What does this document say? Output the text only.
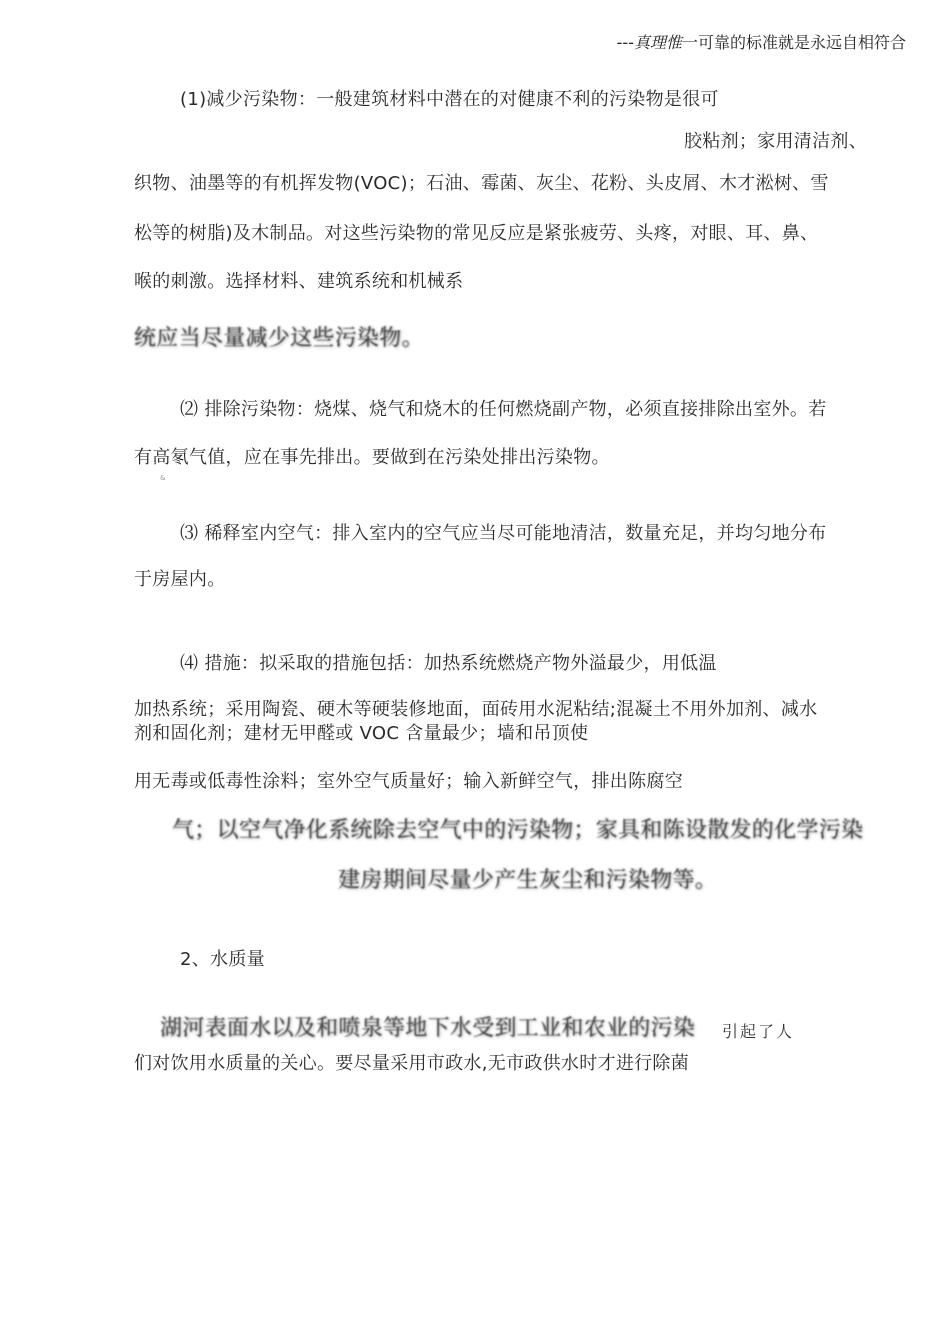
---真理惟一可靠的标准就是永远自相符合
(1)减少污染物：一般建筑材料中潜在的对健康不利的污染物是很可
胶粘剂；家用清洁剂、
织物、油墨等的有机挥发物(VOC)；石油、霉菌、灰尘、花粉、头皮屑、木才淞树、雪
松等的树脂)及木制品。对这些污染物的常见反应是紧张疲劳、头疼，对眼、耳、鼻、
喉的刺激。选择材料、建筑系统和机械系
统应当尽量减少这些污染物。
⑵ 排除污染物：烧煤、烧气和烧木的任何燃烧副产物，必须直接排除出室外。若
有高氡气值，应在事先排出。要做到在污染处排出污染物。
&
⑶ 稀释室内空气：排入室内的空气应当尽可能地清洁，数量充足，并均匀地分布
于房屋内。
⑷ 措施：拟采取的措施包括：加热系统燃烧产物外溢最少，用低温
加热系统；采用陶瓷、硬木等硬装修地面，面砖用水泥粘结;混凝土不用外加剂、减水
剂和固化剂；建材无甲醛或 VOC 含量最少；墙和吊顶使
用无毒或低毒性涂料；室外空气质量好；输入新鲜空气，排出陈腐空
气；以空气净化系统除去空气中的污染物；家具和陈设散发的化学污染
建房期间尽量少产生灰尘和污染物等。
2、水质量
湖河表面水以及和喷泉等地下水受到工业和农业的污染 引起了人
们对饮用水质量的关心。要尽量采用市政水,无市政供水时才进行除菌
